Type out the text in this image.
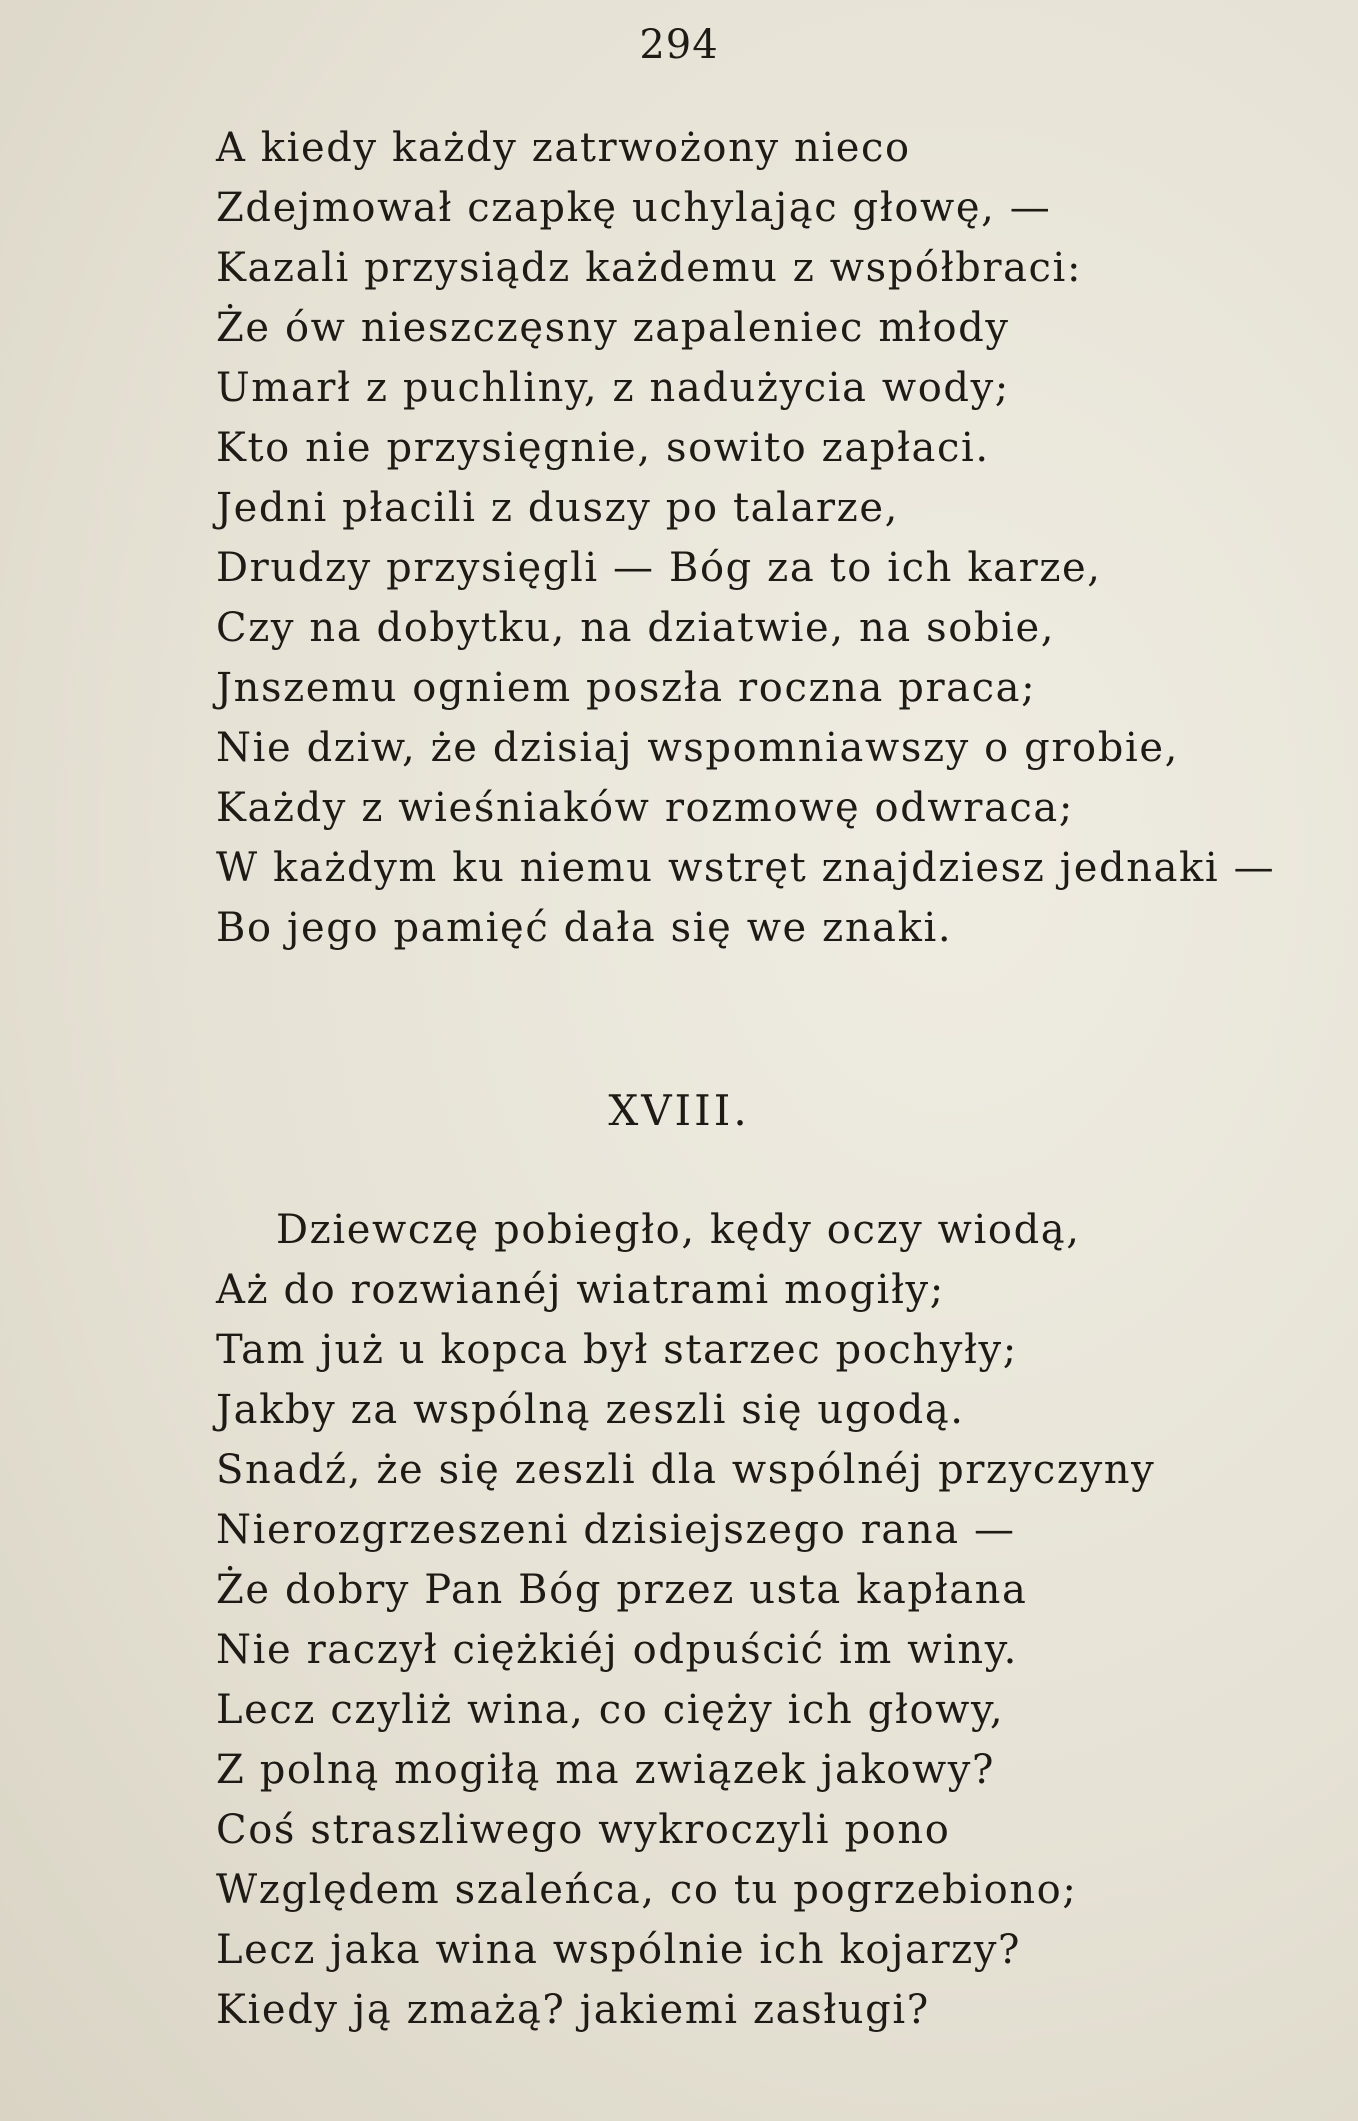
294
A kiedy każdy zatrwożony nieco
Zdejmował czapkę uchylając głowę, —
Kazali przysiądz każdemu z współbraci:
Że ów nieszczęsny zapaleniec młody
Umarł z puchliny, z nadużycia wody;
Kto nie przysięgnie, sowito zapłaci.
Jedni płacili z duszy po talarze,
Drudzy przysięgli — Bóg za to ich karze,
Czy na dobytku, na dziatwie, na sobie,
Jnszemu ogniem poszła roczna praca;
Nie dziw, że dzisiaj wspomniawszy o grobie,
Każdy z wieśniaków rozmowę odwraca;
W każdym ku niemu wstręt znajdziesz jednaki —
Bo jego pamięć dała się we znaki.
XVIII.
Dziewczę pobiegło, kędy oczy wiodą,
Aż do rozwianéj wiatrami mogiły;
Tam już u kopca był starzec pochyły;
Jakby za wspólną zeszli się ugodą.
Snadź, że się zeszli dla wspólnéj przyczyny
Nierozgrzeszeni dzisiejszego rana —
Że dobry Pan Bóg przez usta kapłana
Nie raczył ciężkiéj odpuścić im winy.
Lecz czyliż wina, co cięży ich głowy,
Z polną mogiłą ma związek jakowy?
Coś straszliwego wykroczyli pono
Względem szaleńca, co tu pogrzebiono;
Lecz jaka wina wspólnie ich kojarzy?
Kiedy ją zmażą? jakiemi zasługi?
